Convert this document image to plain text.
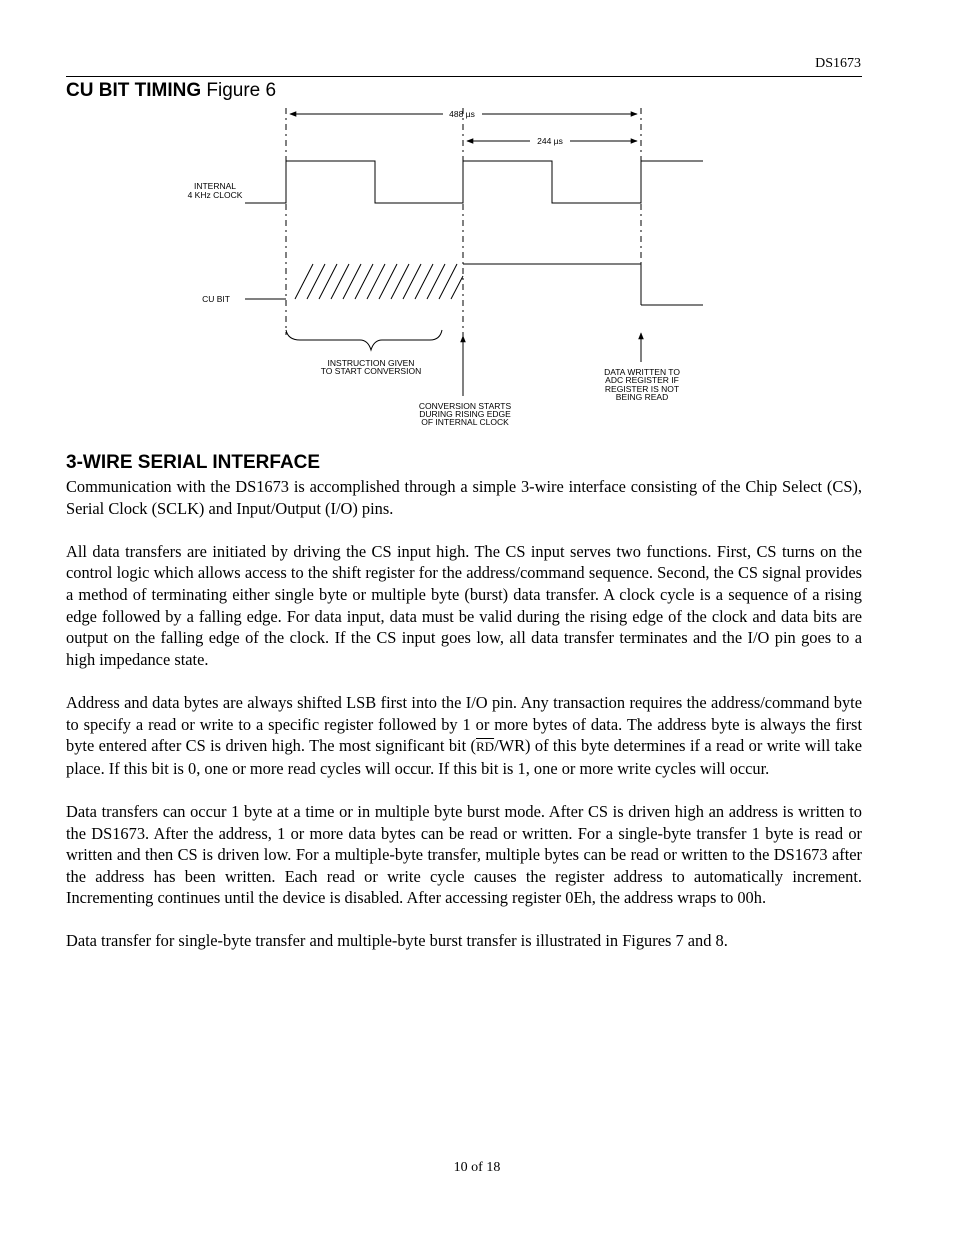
DS1673
CU BIT TIMING Figure 6
488 µs
244 µs
INTERNAL
4 KHz CLOCK
CU BIT
INSTRUCTION GIVEN
TO START CONVERSION
CONVERSION STARTS
DURING RISING EDGE
OF INTERNAL CLOCK
DATA WRITTEN TO
ADC REGISTER IF
REGISTER IS NOT
BEING READ
3-WIRE SERIAL INTERFACE

Communication with the DS1673 is accomplished through a simple 3-wire interface consisting of the Chip Select (CS), Serial Clock (SCLK) and Input/Output (I/O) pins.

All data transfers are initiated by driving the CS input high. The CS input serves two functions. First, CS turns on the control logic which allows access to the shift register for the address/command sequence. Second, the CS signal provides a method of terminating either single byte or multiple byte (burst) data transfer. A clock cycle is a sequence of a rising edge followed by a falling edge. For data input, data must be valid during the rising edge of the clock and data bits are output on the falling edge of the clock. If the CS input goes low, all data transfer terminates and the I/O pin goes to a high impedance state.

Address and data bytes are always shifted LSB first into the I/O pin. Any transaction requires the address/command byte to specify a read or write to a specific register followed by 1 or more bytes of data. The address byte is always the first byte entered after CS is driven high. The most significant bit $(\overline{RD}/WR)$ of this byte determines if a read or write will take place. If this bit is 0, one or more read cycles will occur. If this bit is 1, one or more write cycles will occur.

Data transfers can occur 1 byte at a time or in multiple byte burst mode. After CS is driven high an address is written to the DS1673. After the address, 1 or more data bytes can be read or written. For a single-byte transfer 1 byte is read or written and then CS is driven low. For a multiple-byte transfer, multiple bytes can be read or written to the DS1673 after the address has been written. Each read or write cycle causes the register address to automatically increment. Incrementing continues until the device is disabled. After accessing register 0Eh, the address wraps to 00h.

Data transfer for single-byte transfer and multiple-byte burst transfer is illustrated in Figures 7 and 8.

10 of 18
